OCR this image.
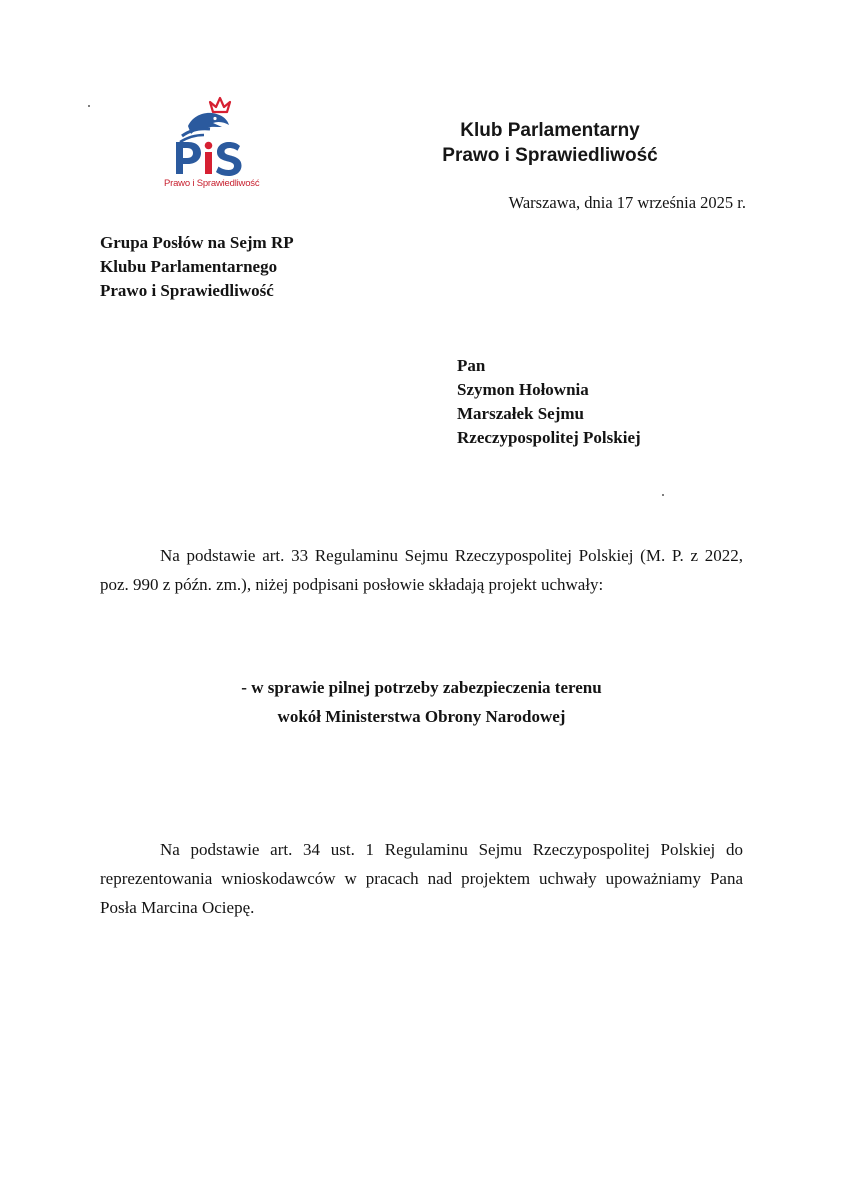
Prawo i Sprawiedliwość
Klub Parlamentarny
Prawo i Sprawiedliwość
Warszawa, dnia 17 września 2025 r.
Grupa Posłów na Sejm RP
Klubu Parlamentarnego
Prawo i Sprawiedliwość
Pan
Szymon Hołownia
Marszałek Sejmu
Rzeczypospolitej Polskiej
Na podstawie art. 33 Regulaminu Sejmu Rzeczypospolitej Polskiej (M. P. z 2022, poz. 990 z późn. zm.), niżej podpisani posłowie składają projekt uchwały:
- w sprawie pilnej potrzeby zabezpieczenia terenu
wokół Ministerstwa Obrony Narodowej
Na podstawie art. 34 ust. 1 Regulaminu Sejmu Rzeczypospolitej Polskiej do reprezentowania wnioskodawców w pracach nad projektem uchwały upoważniamy Pana Posła Marcina Ociepę.
